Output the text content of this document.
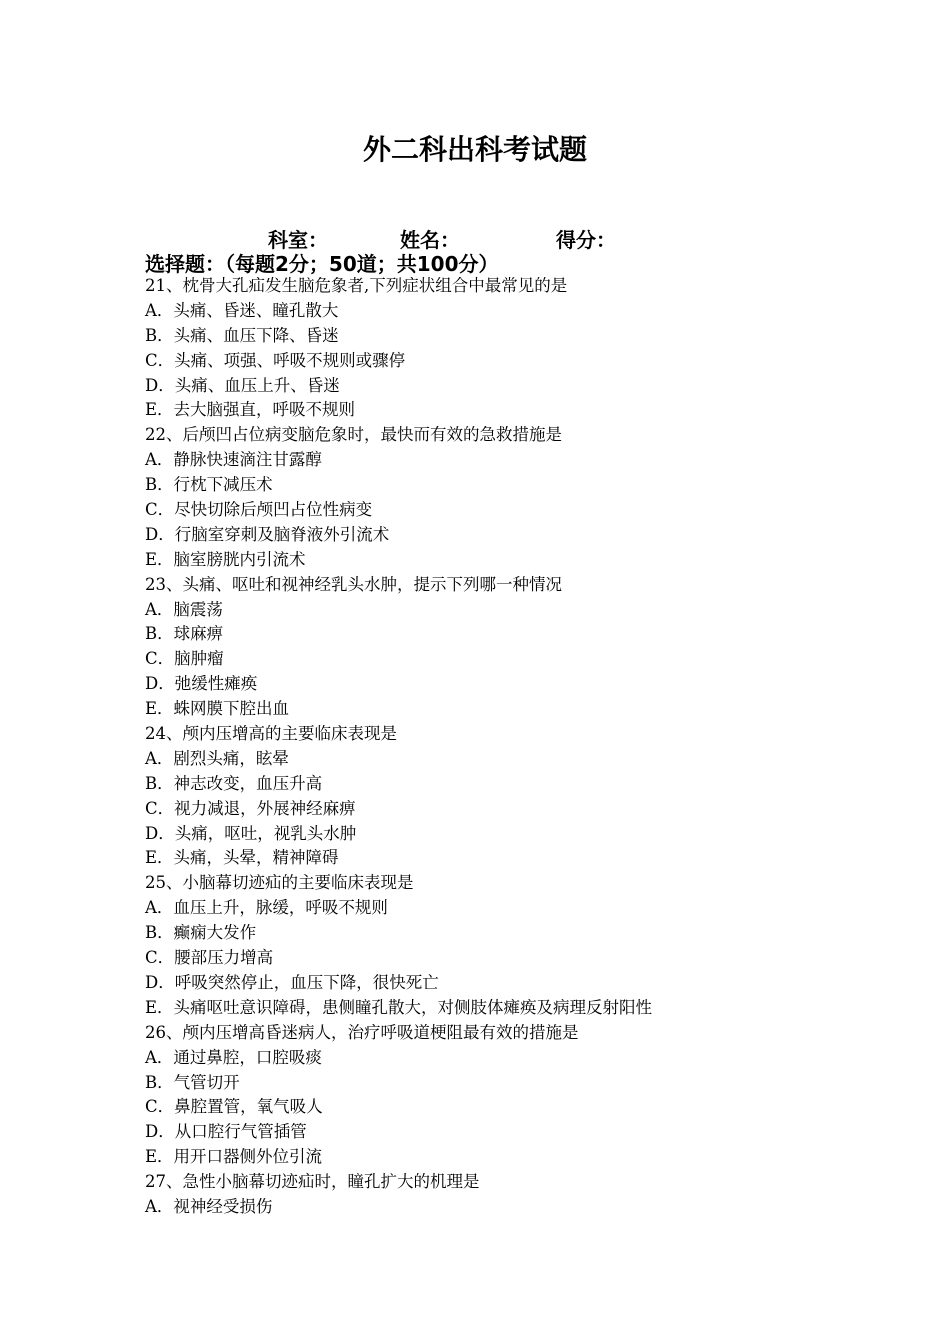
外二科出科考试题
科室：	姓名：	得分：
选择题：（每题2分；50道；共100分）
21、枕骨大孔疝发生脑危象者,下列症状组合中最常见的是
A．头痛、昏迷、瞳孔散大
B．头痛、血压下降、昏迷
C．头痛、项强、呼吸不规则或骤停
D．头痛、血压上升、昏迷
E．去大脑强直，呼吸不规则
22、后颅凹占位病变脑危象时，最快而有效的急救措施是
A．静脉快速滴注甘露醇
B．行枕下减压术
C．尽快切除后颅凹占位性病变
D．行脑室穿刺及脑脊液外引流术
E．脑室膀胱内引流术
23、头痛、呕吐和视神经乳头水肿，提示下列哪一种情况
A．脑震荡
B．球麻痹
C．脑肿瘤
D．弛缓性瘫痪
E．蛛网膜下腔出血
24、颅内压增高的主要临床表现是
A．剧烈头痛，眩晕
B．神志改变，血压升高
C．视力减退，外展神经麻痹
D．头痛，呕吐，视乳头水肿
E．头痛，头晕，精神障碍
25、小脑幕切迹疝的主要临床表现是
A．血压上升，脉缓，呼吸不规则
B．癫痫大发作
C．腰部压力增高
D．呼吸突然停止，血压下降，很快死亡
E．头痛呕吐意识障碍，患侧瞳孔散大，对侧肢体瘫痪及病理反射阳性
26、颅内压增高昏迷病人，治疗呼吸道梗阻最有效的措施是
A．通过鼻腔，口腔吸痰
B．气管切开
C．鼻腔置管，氧气吸人
D．从口腔行气管插管
E．用开口器侧外位引流
27、急性小脑幕切迹疝时，瞳孔扩大的机理是
A．视神经受损伤
